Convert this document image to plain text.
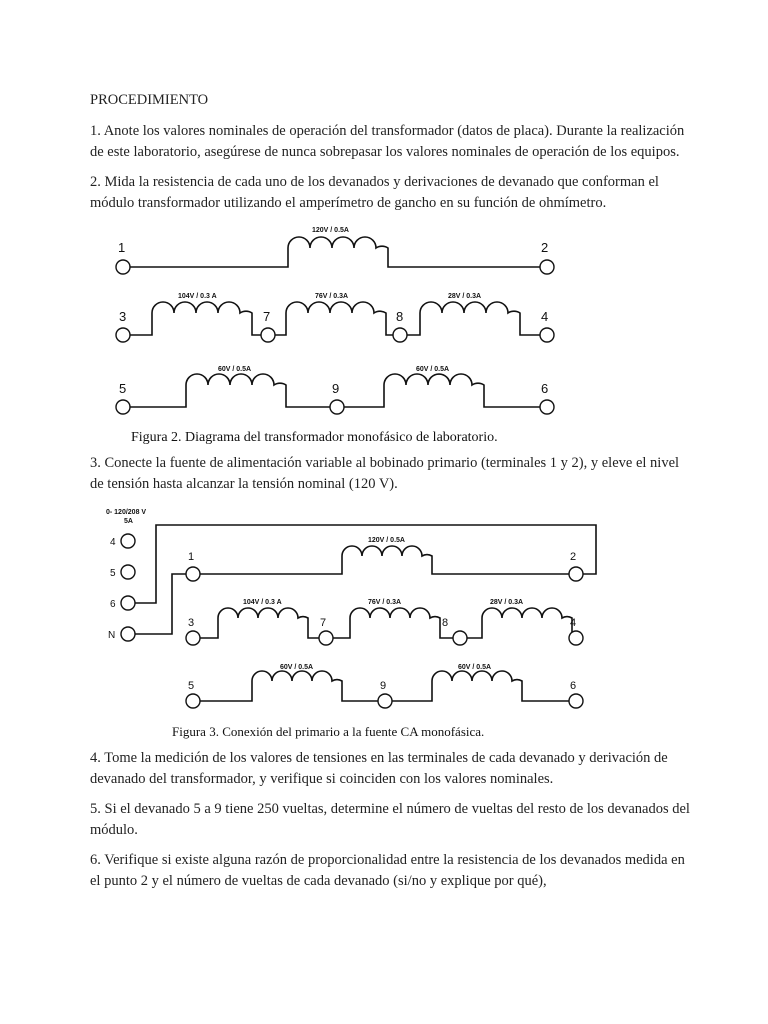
PROCEDIMIENTO

1. Anote los valores nominales de operación del transformador (datos de placa). Durante la realización de este laboratorio, asegúrese de nunca sobrepasar los valores nominales de operación de los equipos.

2. Mida la resistencia de cada uno de los devanados y derivaciones de devanado que conforman el módulo transformador utilizando el amperímetro de gancho en su función de ohmímetro.

1	2
120V / 0.5A
3	7	8	4
104V / 0.3 A	76V / 0.3A	28V / 0.3A
5	9	6
60V / 0.5A	60V / 0.5A
Figura 2. Diagrama del transformador monofásico de laboratorio.

3. Conecte la fuente de alimentación variable al bobinado primario (terminales 1 y 2), y eleve el nivel de tensión hasta alcanzar la tensión nominal (120 V).

0- 120/208 V
5A
4
5
6
N
1	2
120V / 0.5A
3	7	8	4
104V / 0.3 A	76V / 0.3A	28V / 0.3A
5	9	6
60V / 0.5A	60V / 0.5A
Figura 3. Conexión del primario a la fuente CA monofásica.

4. Tome la medición de los valores de tensiones en las terminales de cada devanado y derivación de devanado del transformador, y verifique si coinciden con los valores nominales.

5. Si el devanado 5 a 9 tiene 250 vueltas, determine el número de vueltas del resto de los devanados del módulo.

6. Verifique si existe alguna razón de proporcionalidad entre la resistencia de los devanados medida en el punto 2 y el número de vueltas de cada devanado (si/no y explique por qué),
